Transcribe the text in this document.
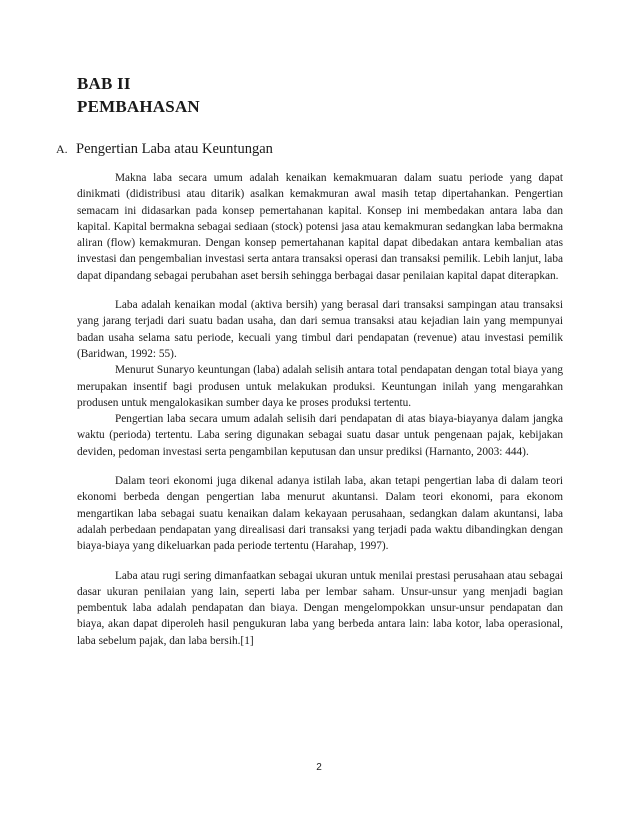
BAB II
PEMBAHASAN
A. Pengertian Laba atau Keuntungan

Makna laba secara umum adalah kenaikan kemakmuaran dalam suatu periode yang dapat dinikmati (didistribusi atau ditarik) asalkan kemakmuran awal masih tetap dipertahankan. Pengertian semacam ini didasarkan pada konsep pemertahanan kapital. Konsep ini membedakan antara laba dan kapital. Kapital bermakna sebagai sediaan (stock) potensi jasa atau kemakmuran sedangkan laba bermakna aliran (flow) kemakmuran. Dengan konsep pemertahanan kapital dapat dibedakan antara kembalian atas investasi dan pengembalian investasi serta antara transaksi operasi dan transaksi pemilik. Lebih lanjut, laba dapat dipandang sebagai perubahan aset bersih sehingga berbagai dasar penilaian kapital dapat diterapkan.

Laba adalah kenaikan modal (aktiva bersih) yang berasal dari transaksi sampingan atau transaksi yang jarang terjadi dari suatu badan usaha, dan dari semua transaksi atau kejadian lain yang mempunyai badan usaha selama satu periode, kecuali yang timbul dari pendapatan (revenue) atau investasi pemilik (Baridwan, 1992: 55).

Menurut Sunaryo keuntungan (laba) adalah selisih antara total pendapatan dengan total biaya yang merupakan insentif bagi produsen untuk melakukan produksi. Keuntungan inilah yang mengarahkan produsen untuk mengalokasikan sumber daya ke proses produksi tertentu.

Pengertian laba secara umum adalah selisih dari pendapatan di atas biaya-biayanya dalam jangka waktu (perioda) tertentu. Laba sering digunakan sebagai suatu dasar untuk pengenaan pajak, kebijakan deviden, pedoman investasi serta pengambilan keputusan dan unsur prediksi (Harnanto, 2003: 444).

Dalam teori ekonomi juga dikenal adanya istilah laba, akan tetapi pengertian laba di dalam teori ekonomi berbeda dengan pengertian laba menurut akuntansi. Dalam teori ekonomi, para ekonom mengartikan laba sebagai suatu kenaikan dalam kekayaan perusahaan, sedangkan dalam akuntansi, laba adalah perbedaan pendapatan yang direalisasi dari transaksi yang terjadi pada waktu dibandingkan dengan biaya-biaya yang dikeluarkan pada periode tertentu (Harahap, 1997).

Laba atau rugi sering dimanfaatkan sebagai ukuran untuk menilai prestasi perusahaan atau sebagai dasar ukuran penilaian yang lain, seperti laba per lembar saham. Unsur-unsur yang menjadi bagian pembentuk laba adalah pendapatan dan biaya. Dengan mengelompokkan unsur-unsur pendapatan dan biaya, akan dapat diperoleh hasil pengukuran laba yang berbeda antara lain: laba kotor, laba operasional, laba sebelum pajak, dan laba bersih.[1]

2
